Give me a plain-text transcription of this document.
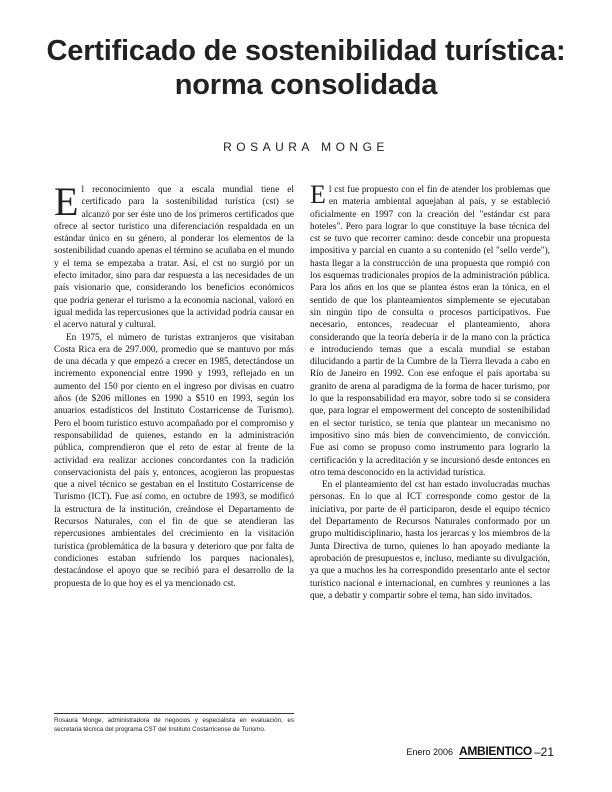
Certificado de sostenibilidad turística:
norma consolidada
ROSAURA MONGE

El reconocimiento que a escala mundial tiene el certificado para la sostenibilidad turística (cst) se alcanzó por ser éste uno de los primeros certificados que ofrece al sector turístico una diferenciación respaldada en un estándar único en su género, al ponderar los elementos de la sostenibilidad cuando apenas el término se acuñaba en el mundo y el tema se empezaba a tratar. Así, el cst no surgió por un efecto imitador, sino para dar respuesta a las necesidades de un país visionario que, considerando los beneficios económicos que podría generar el turismo a la economía nacional, valoró en igual medida las repercusiones que la actividad podría causar en el acervo natural y cultural.

En 1975, el número de turistas extranjeros que visitaban Costa Rica era de 297.000, promedio que se mantuvo por más de una década y que empezó a crecer en 1985, detectándose un incremento exponencial entre 1990 y 1993, reflejado en un aumento del 150 por ciento en el ingreso por divisas en cuatro años (de $206 millones en 1990 a $510 en 1993, según los anuarios estadísticos del Instituto Costarricense de Turismo). Pero el boom turístico estuvo acompañado por el compromiso y responsabilidad de quienes, estando en la administración pública, comprendieron que el reto de estar al frente de la actividad era realizar acciones concordantes con la tradición conservacionista del país y, entonces, acogieron las propuestas que a nivel técnico se gestaban en el Instituto Costarricense de Turismo (ICT). Fue así como, en octubre de 1993, se modificó la estructura de la institución, creándose el Departamento de Recursos Naturales, con el fin de que se atendieran las repercusiones ambientales del crecimiento en la visitación turística (problemática de la basura y deterioro que por falta de condiciones estaban sufriendo los parques nacionales), destacándose el apoyo que se recibió para el desarrollo de la propuesta de lo que hoy es el ya mencionado cst.

El cst fue propuesto con el fin de atender los problemas que en materia ambiental aquejaban al país, y se estableció oficialmente en 1997 con la creación del "estándar cst para hoteles". Pero para lograr lo que constituye la base técnica del cst se tuvo que recorrer camino: desde concebir una propuesta impositiva y parcial en cuanto a su contenido (el "sello verde"), hasta llegar a la construcción de una propuesta que rompió con los esquemas tradicionales propios de la administración pública. Para los años en los que se plantea éstos eran la tónica, en el sentido de que los planteamientos simplemente se ejecutaban sin ningún tipo de consulta o procesos participativos. Fue necesario, entonces, readecuar el planteamiento, ahora considerando que la teoría debería ir de la mano con la práctica e introduciendo temas que a escala mundial se estaban dilucidando a partir de la Cumbre de la Tierra llevada a cabo en Río de Janeiro en 1992. Con ese enfoque el país aportaba su granito de arena al paradigma de la forma de hacer turismo, por lo que la responsabilidad era mayor, sobre todo si se considera que, para lograr el empowerment del concepto de sostenibilidad en el sector turístico, se tenía que plantear un mecanismo no impositivo sino más bien de convencimiento, de convicción. Fue así como se propuso como instrumento para lograrlo la certificación y la acreditación y se incursionó desde entonces en otro tema desconocido en la actividad turística.

En el planteamiento del cst han estado involucradas muchas personas. En lo que al ICT corresponde como gestor de la iniciativa, por parte de él participaron, desde el equipo técnico del Departamento de Recursos Naturales conformado por un grupo multidisciplinario, hasta los jerarcas y los miembros de la Junta Directiva de turno, quienes lo han apoyado mediante la aprobación de presupuestos e, incluso, mediante su divulgación, ya que a muchos les ha correspondido presentarlo ante el sector turístico nacional e internacional, en cumbres y reuniones a las que, a debatir y compartir sobre el tema, han sido invitados.

Rosaura Monge, administradora de negocios y especialista en evaluación, es secretaria técnica del programa CST del Instituto Costarricense de Turismo.
Enero 2006 AMBIENTICO –21
